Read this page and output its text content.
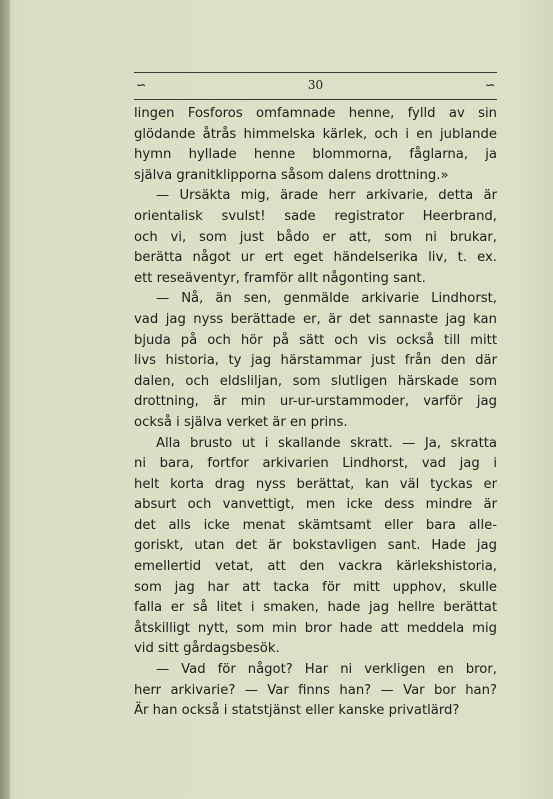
∽	30	∽
lingen Fosforos omfamnade henne, fylld av sin
glödande åtrås himmelska kärlek, och i en jublande
hymn hyllade henne blommorna, fåglarna, ja
själva granitklipporna såsom dalens drottning.»
— Ursäkta mig, ärade herr arkivarie, detta är
orientalisk svulst! sade registrator Heerbrand,
och vi, som just bådo er att, som ni brukar,
berätta något ur ert eget händelserika liv, t. ex.
ett reseäventyr, framför allt någonting sant.
— Nå, än sen, genmälde arkivarie Lindhorst,
vad jag nyss berättade er, är det sannaste jag kan
bjuda på och hör på sätt och vis också till mitt
livs historia, ty jag härstammar just från den där
dalen, och eldsliljan, som slutligen härskade som
drottning, är min ur-ur-urstammoder, varför jag
också i själva verket är en prins.
Alla brusto ut i skallande skratt. — Ja, skratta
ni bara, fortfor arkivarien Lindhorst, vad jag i
helt korta drag nyss berättat, kan väl tyckas er
absurt och vanvettigt, men icke dess mindre är
det alls icke menat skämtsamt eller bara alle-
goriskt, utan det är bokstavligen sant. Hade jag
emellertid vetat, att den vackra kärlekshistoria,
som jag har att tacka för mitt upphov, skulle
falla er så litet i smaken, hade jag hellre berättat
åtskilligt nytt, som min bror hade att meddela mig
vid sitt gårdagsbesök.
— Vad för något? Har ni verkligen en bror,
herr arkivarie? — Var finns han? — Var bor han?
Är han också i statstjänst eller kanske privatlärd?
